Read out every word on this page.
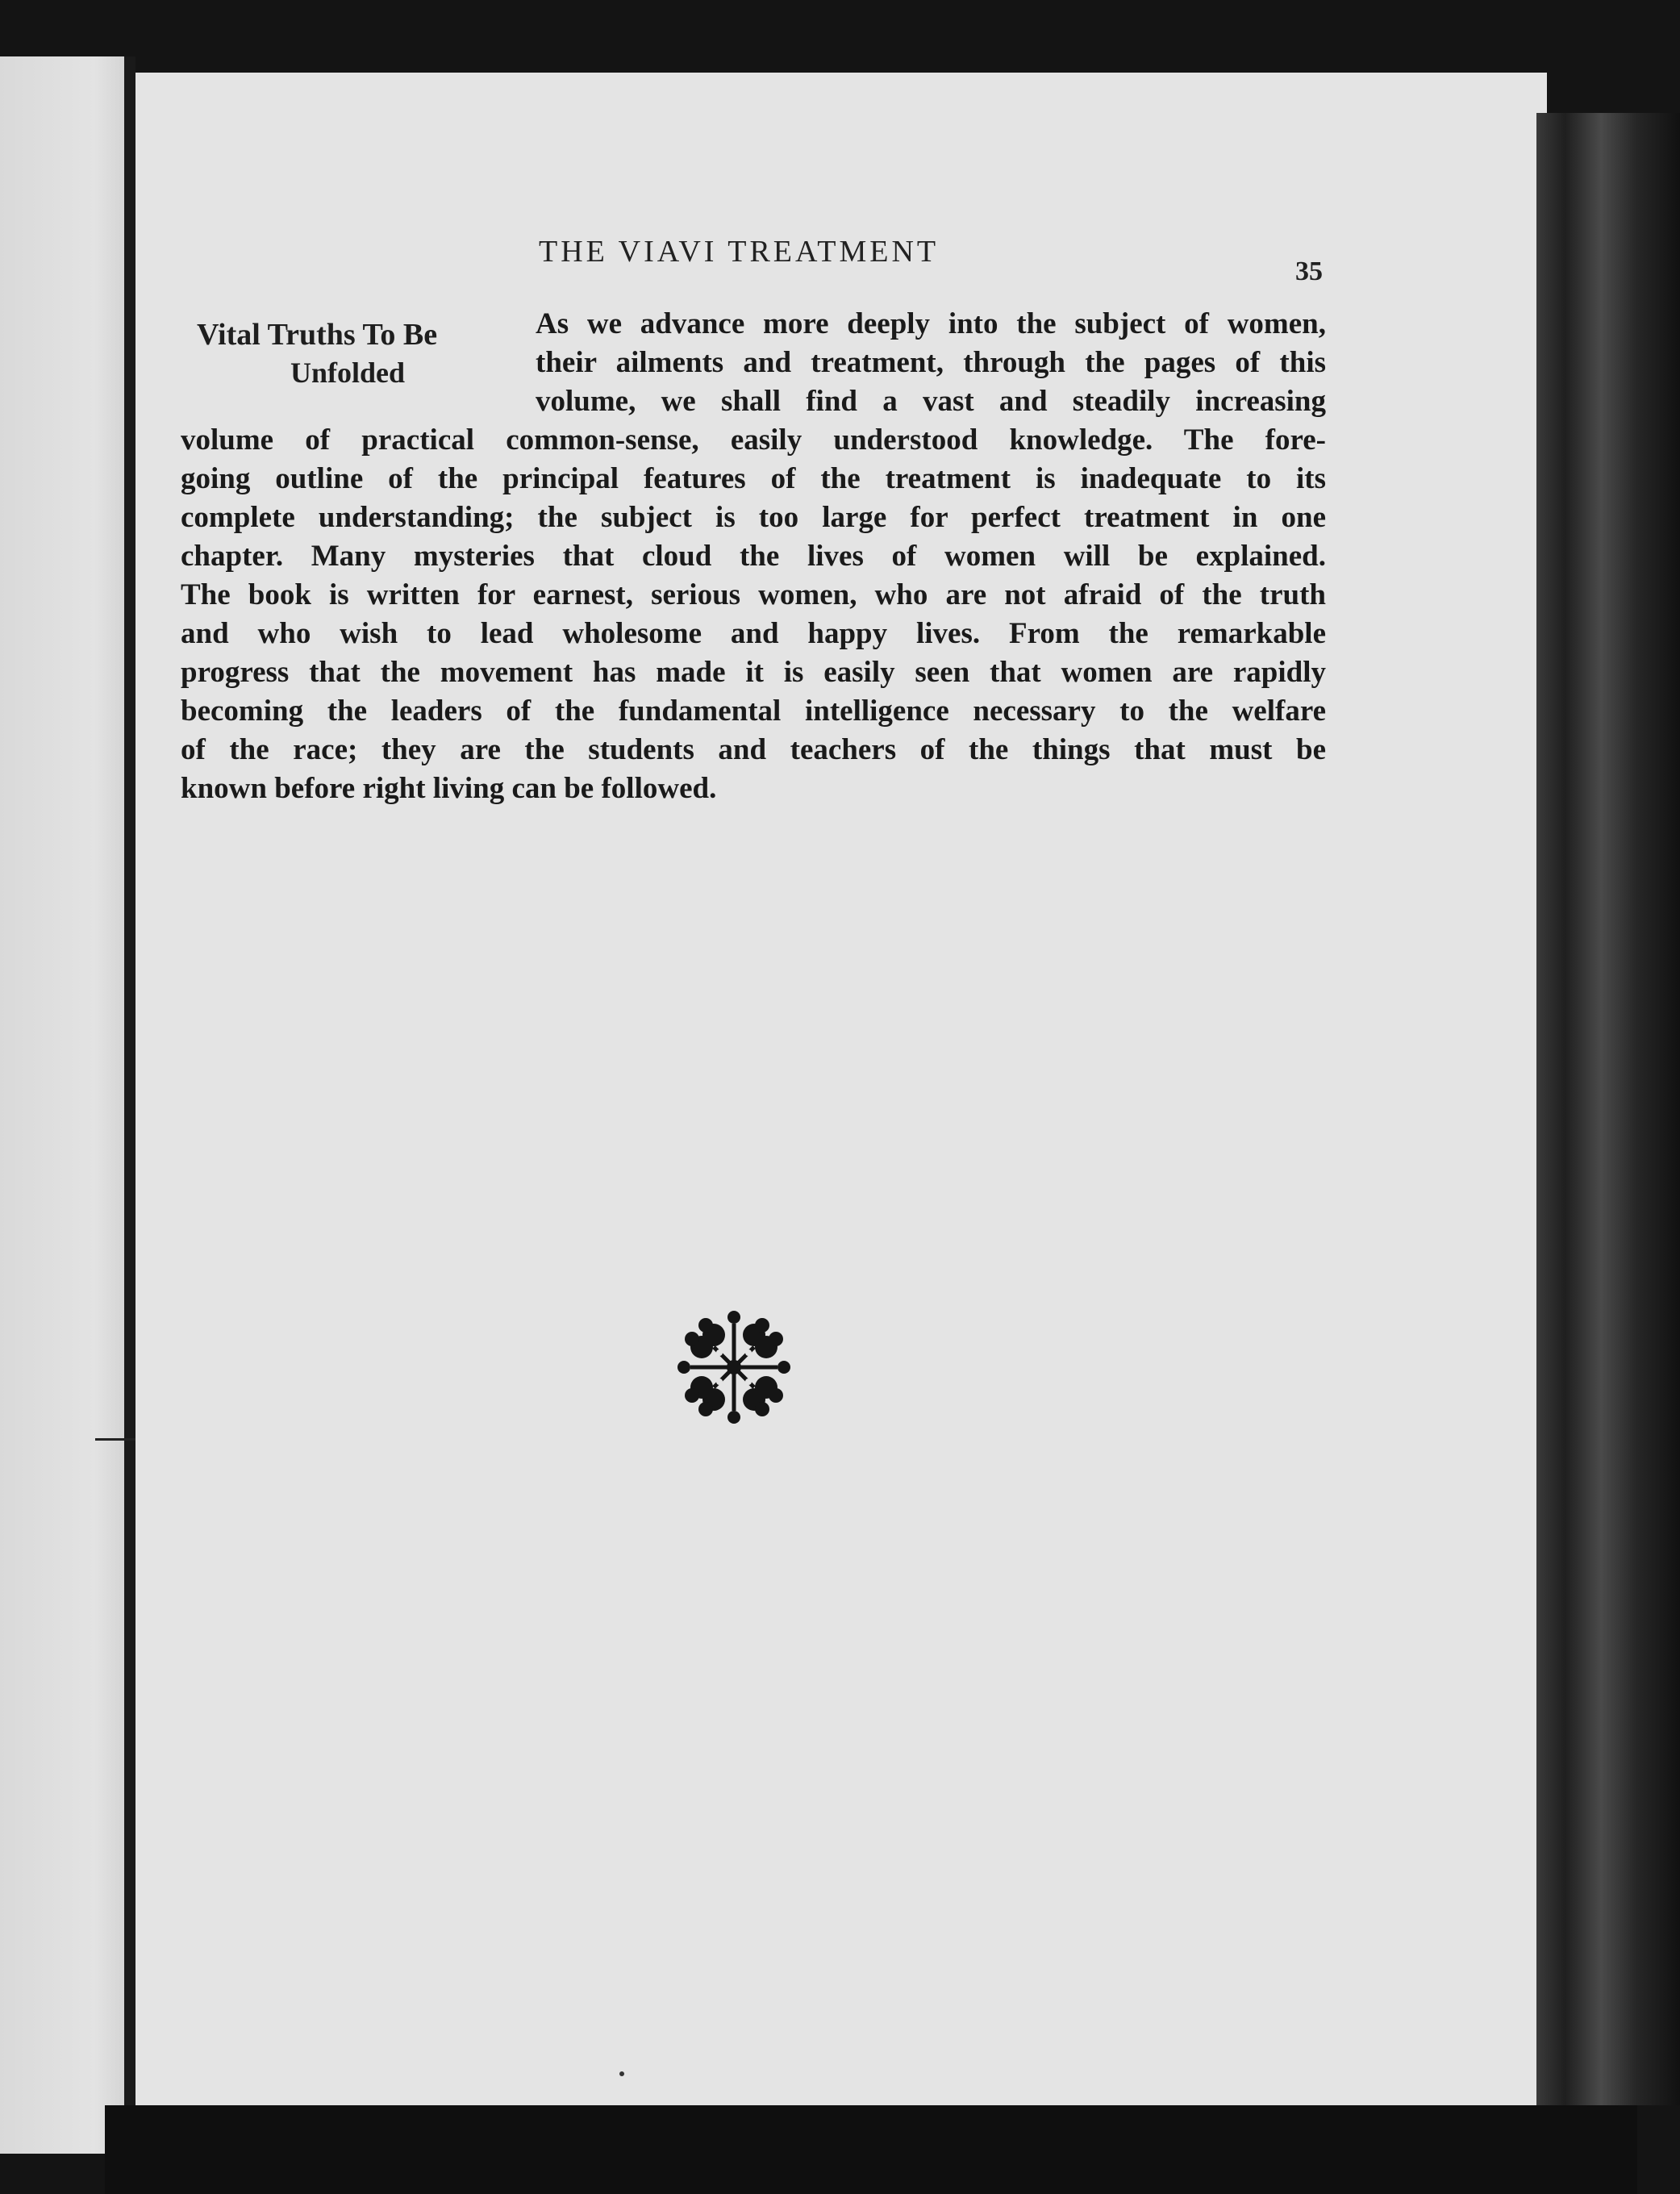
THE VIAVI TREATMENT
35
Vital Truths To Be
Unfolded
As we advance more deeply into the subject of women,
their ailments and treatment, through the pages of this
volume, we shall find a vast and steadily increasing
volume of practical common-sense, easily understood knowledge. The fore-
going outline of the principal features of the treatment is inadequate to its
complete understanding; the subject is too large for perfect treatment in one
chapter. Many mysteries that cloud the lives of women will be explained.
The book is written for earnest, serious women, who are not afraid of the truth
and who wish to lead wholesome and happy lives. From the remarkable
progress that the movement has made it is easily seen that women are rapidly
becoming the leaders of the fundamental intelligence necessary to the welfare
of the race; they are the students and teachers of the things that must be
known before right living can be followed.
